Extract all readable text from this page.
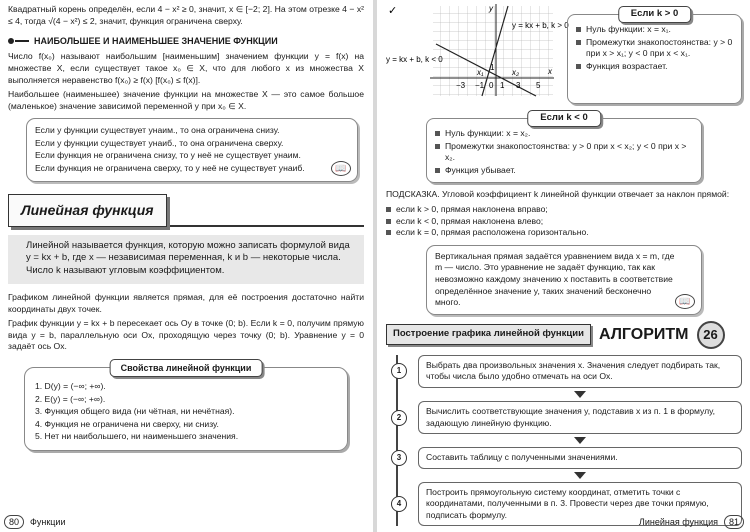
Квадратный корень определён, если 4 − x² ≥ 0, значит, x ∈ [−2; 2]. На этом отрезке 4 − x² ≤ 4, тогда √(4 − x²) ≤ 2, значит, функция ограничена сверху.

НАИБОЛЬШЕЕ И НАИМЕНЬШЕЕ ЗНАЧЕНИЕ ФУНКЦИИ

Число f(x₀) называют наибольшим [наименьшим] значением функции y = f(x) на множестве X, если существует такое x₀ ∈ X, что для любого x из множества X выполняется неравенство f(x₀) ≥ f(x) [f(x₀) ≤ f(x)].

Наибольшее (наименьшее) значение функции на множестве X — это самое большое (маленькое) значение зависимой переменной y при x₀ ∈ X.

Если у функции существует yнаим., то она ограничена снизу.
Если у функции существует yнаиб., то она ограничена сверху.
Если функция не ограничена снизу, то у неё не существует yнаим.
Если функция не ограничена сверху, то у неё не существует yнаиб.	📖
Линейная функция
Линейной называется функция, которую можно записать формулой вида y = kx + b, где x — независимая переменная, k и b — некоторые числа. Число k называют угловым коэффициентом.

Графиком линейной функции является прямая, для её построения достаточно найти координаты двух точек.

График функции y = kx + b пересекает ось Oy в точке (0; b). Если k = 0, получим прямую вида y = b, параллельную оси Ox, проходящую через точку (0; b). Уравнение y = 0 задаёт ось Ox.

Свойства линейной функции
1. D(y) = (−∞; +∞).
2. E(y) = (−∞; +∞).
3. Функция общего вида (ни чётная, ни нечётная).
4. Функция не ограничена ни сверху, ни снизу.
5. Нет ни наибольшего, ни наименьшего значения.
80	Функции
✓
x
y
y = kx + b, k > 0
y = kx + b, k < 0
−3 −1 0 1 3 5
1
x₁	x₂
Если k > 0
Нуль функции: x = x₁.
Промежутки знакопостоянства: y > 0 при x > x₁; y < 0 при x < x₁.
Функция возрастает.
Если k < 0
Нуль функции: x = x₂.
Промежутки знакопостоянства: y > 0 при x < x₂; y < 0 при x > x₂.
Функция убывает.

ПОДСКАЗКА. Угловой коэффициент k линейной функции отвечает за наклон прямой:

если k > 0, прямая наклонена вправо;
если k < 0, прямая наклонена влево;
если k = 0, прямая расположена горизонтально.
Вертикальная прямая задаётся уравнением вида x = m, где m — число. Это уравнение не задаёт функцию, так как невозможно каждому значению x поставить в соответствие определённое значение y, таких значений бесконечно много.	📖
Построение графика линейной функции АЛГОРИТМ	26
1
Выбрать два произвольных значения x. Значения следует подбирать так, чтобы числа было удобно отмечать на оси Ox.
2
Вычислить соответствующие значения y, подставив x из п. 1 в формулу, задающую линейную функцию.
3	Составить таблицу с полученными значениями.
4
Построить прямоугольную систему координат, отметить точки с координатами, полученными в п. 3. Провести через две точки прямую, подписать формулу.
Линейная функция	81
